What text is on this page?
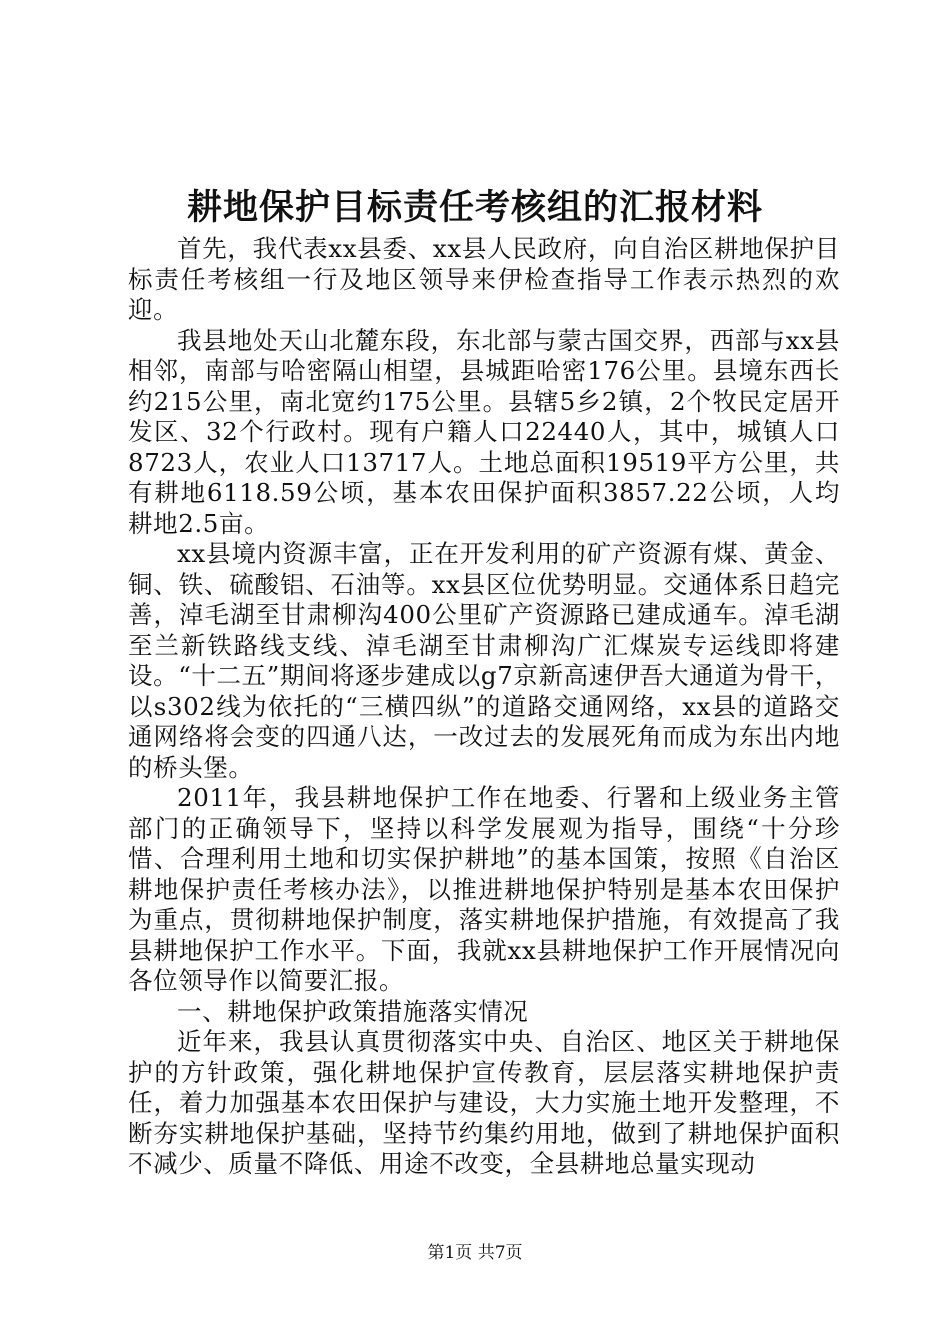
耕地保护目标责任考核组的汇报材料

首先，我代表xx县委、xx县人民政府，向自治区耕地保护目标责任考核组一行及地区领导来伊检查指导工作表示热烈的欢迎。

我县地处天山北麓东段，东北部与蒙古国交界，西部与xx县相邻，南部与哈密隔山相望，县城距哈密176公里。县境东西长约215公里，南北宽约175公里。县辖5乡2镇，2个牧民定居开发区、32个行政村。现有户籍人口22440人，其中，城镇人口8723人，农业人口13717人。土地总面积19519平方公里，共有耕地6118.59公顷，基本农田保护面积3857.22公顷，人均耕地2.5亩。

xx县境内资源丰富，正在开发利用的矿产资源有煤、黄金、铜、铁、硫酸铝、石油等。xx县区位优势明显。交通体系日趋完善，淖毛湖至甘肃柳沟400公里矿产资源路已建成通车。淖毛湖至兰新铁路线支线、淖毛湖至甘肃柳沟广汇煤炭专运线即将建设。“十二五”期间将逐步建成以g7京新高速伊吾大通道为骨干，以s302线为依托的“三横四纵”的道路交通网络，xx县的道路交通网络将会变的四通八达，一改过去的发展死角而成为东出内地的桥头堡。

2011年，我县耕地保护工作在地委、行署和上级业务主管部门的正确领导下，坚持以科学发展观为指导，围绕“十分珍惜、合理利用土地和切实保护耕地”的基本国策，按照《自治区耕地保护责任考核办法》，以推进耕地保护特别是基本农田保护为重点，贯彻耕地保护制度，落实耕地保护措施，有效提高了我县耕地保护工作水平。下面，我就xx县耕地保护工作开展情况向各位领导作以简要汇报。

一、耕地保护政策措施落实情况

近年来，我县认真贯彻落实中央、自治区、地区关于耕地保护的方针政策，强化耕地保护宣传教育，层层落实耕地保护责任，着力加强基本农田保护与建设，大力实施土地开发整理，不断夯实耕地保护基础，坚持节约集约用地，做到了耕地保护面积不减少、质量不降低、用途不改变，全县耕地总量实现动

第1页 共7页
